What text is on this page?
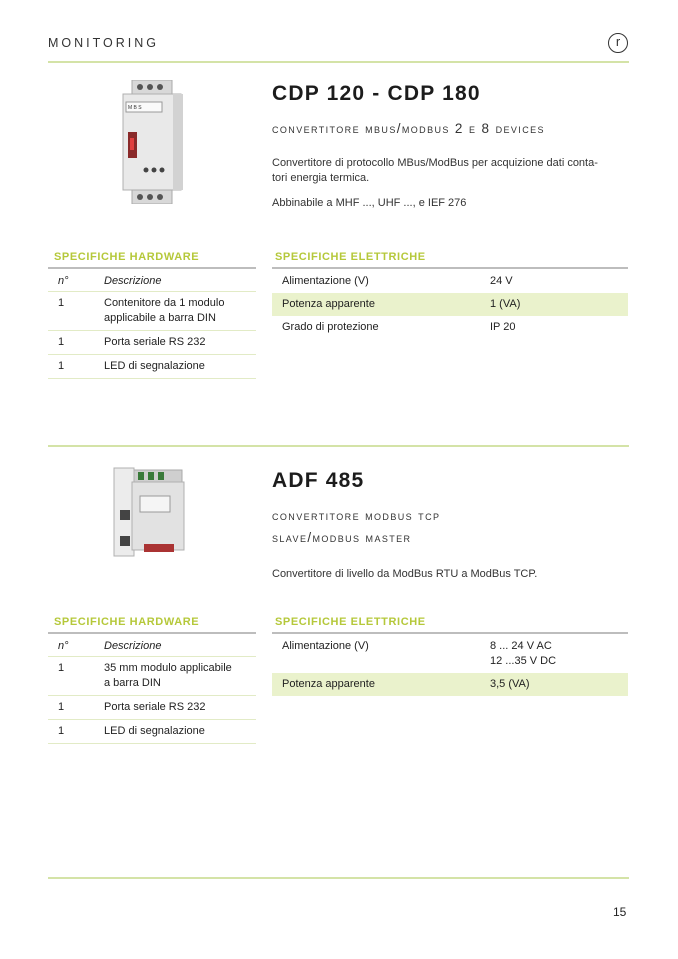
MONITORING	r
M B S
CDP 120 - CDP 180
convertitore mbus/modbus 2 e 8 devices
Convertitore di protocollo MBus/ModBus per acquizione dati conta-
tori energia termica.
Abbinabile a MHF ..., UHF ..., e IEF 276
SPECIFICHE HARDWARE
n°	Descrizione
1	Contenitore da 1 modulo
applicabile a barra DIN

1	Porta seriale RS 232
1	LED di segnalazione
SPECIFICHE ELETTRICHE
Alimentazione (V)	24 V
Potenza apparente	1 (VA)
Grado di protezione	IP 20
ADF 485
convertitore modbus tcp
slave/modbus master
Convertitore di livello da ModBus RTU a ModBus TCP.
SPECIFICHE HARDWARE
n°	Descrizione
1	35 mm modulo applicabile
a barra DIN

1	Porta seriale RS 232
1	LED di segnalazione
SPECIFICHE ELETTRICHE
Alimentazione (V)	8 ... 24 V AC
12 ...35 V DC

Potenza apparente	3,5 (VA)
15
